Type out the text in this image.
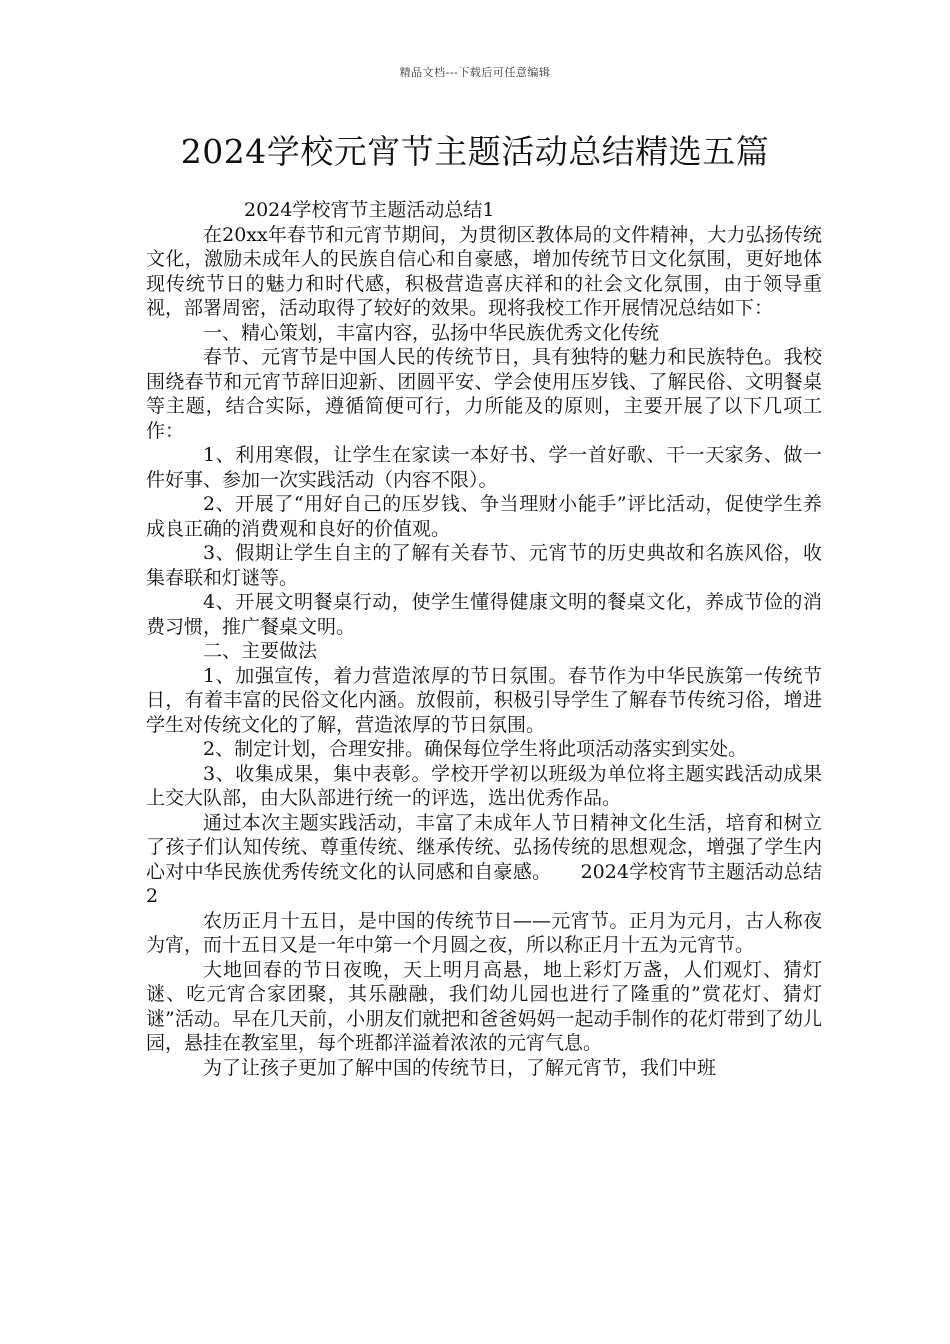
精品文档---下载后可任意编辑
2024学校元宵节主题活动总结精选五篇

2024学校宵节主题活动总结1

在20xx年春节和元宵节期间，为贯彻区教体局的文件精神，大力弘扬传统文化，激励未成年人的民族自信心和自豪感，增加传统节日文化氛围，更好地体现传统节日的魅力和时代感，积极营造喜庆祥和的社会文化氛围，由于领导重视，部署周密，活动取得了较好的效果。现将我校工作开展情况总结如下：

一、精心策划，丰富内容，弘扬中华民族优秀文化传统

春节、元宵节是中国人民的传统节日，具有独特的魅力和民族特色。我校围绕春节和元宵节辞旧迎新、团圆平安、学会使用压岁钱、了解民俗、文明餐桌等主题，结合实际，遵循简便可行，力所能及的原则，主要开展了以下几项工作：

1、利用寒假，让学生在家读一本好书、学一首好歌、干一天家务、做一件好事、参加一次实践活动（内容不限）。

2、开展了“用好自己的压岁钱、争当理财小能手”评比活动，促使学生养成良正确的消费观和良好的价值观。

3、假期让学生自主的了解有关春节、元宵节的历史典故和名族风俗，收集春联和灯谜等。

4、开展文明餐桌行动，使学生懂得健康文明的餐桌文化，养成节俭的消费习惯，推广餐桌文明。

二、主要做法

1、加强宣传，着力营造浓厚的节日氛围。春节作为中华民族第一传统节日，有着丰富的民俗文化内涵。放假前，积极引导学生了解春节传统习俗，增进学生对传统文化的了解，营造浓厚的节日氛围。

2、制定计划，合理安排。确保每位学生将此项活动落实到实处。

3、收集成果，集中表彰。学校开学初以班级为单位将主题实践活动成果上交大队部，由大队部进行统一的评选，选出优秀作品。

通过本次主题实践活动，丰富了未成年人节日精神文化生活，培育和树立了孩子们认知传统、尊重传统、继承传统、弘扬传统的思想观念，增强了学生内心对中华民族优秀传统文化的认同感和自豪感。　　2024学校宵节主题活动总结2

农历正月十五日，是中国的传统节日——元宵节。正月为元月，古人称夜为宵，而十五日又是一年中第一个月圆之夜，所以称正月十五为元宵节。

大地回春的节日夜晚，天上明月高悬，地上彩灯万盏，人们观灯、猜灯谜、吃元宵合家团聚，其乐融融，我们幼儿园也进行了隆重的”赏花灯、猜灯谜”活动。早在几天前，小朋友们就把和爸爸妈妈一起动手制作的花灯带到了幼儿园，悬挂在教室里，每个班都洋溢着浓浓的元宵气息。

为了让孩子更加了解中国的传统节日，了解元宵节，我们中班
